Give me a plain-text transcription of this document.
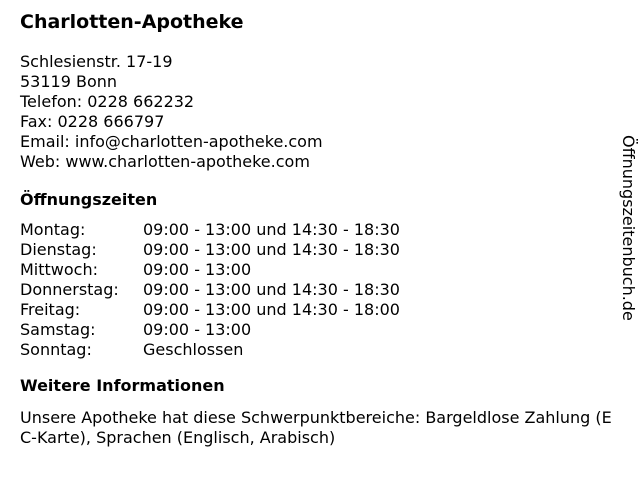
Charlotten-Apotheke
Schlesienstr. 17-19
53119 Bonn
Telefon: 0228 662232
Fax: 0228 666797
Email: info@charlotten-apotheke.com
Web: www.charlotten-apotheke.com
Öffnungszeiten
Montag:	09:00 - 13:00 und 14:30 - 18:30
Dienstag:	09:00 - 13:00 und 14:30 - 18:30
Mittwoch:	09:00 - 13:00
Donnerstag:	09:00 - 13:00 und 14:30 - 18:30
Freitag:	09:00 - 13:00 und 14:30 - 18:00
Samstag:	09:00 - 13:00
Sonntag:	Geschlossen
Weitere Informationen
Unsere Apotheke hat diese Schwerpunktbereiche: Bargeldlose Zahlung (EC-Karte), Sprachen (Englisch, Arabisch)
Öffnungszeitenbuch.de
